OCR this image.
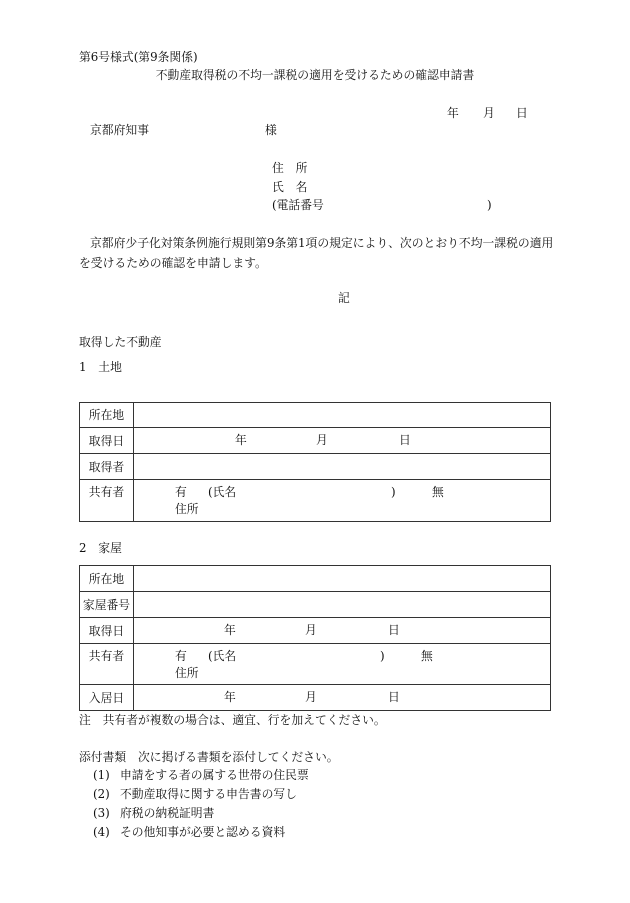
第6号様式(第9条関係)
不動産取得税の不均一課税の適用を受けるための確認申請書
年 月 日
京都府知事	様
住　所
氏　名
(電話番号	)
京都府少子化対策条例施行規則第9条第1項の規定により、次のとおり不均一課税の適用
を受けるための確認を申請します。
記
取得した不動産
1　土地
所在地
取得日	年	月	日
取得者
共有者	有 (氏名	)	無
住所
2　家屋
所在地
家屋番号
取得日	年	月	日
共有者	有 (氏名	)	無
住所
入居日	年	月	日
注　共有者が複数の場合は、適宜、行を加えてください。
添付書類　次に掲げる書類を添付してください。
(1) 申請をする者の属する世帯の住民票
(2) 不動産取得に関する申告書の写し
(3) 府税の納税証明書
(4) その他知事が必要と認める資料
